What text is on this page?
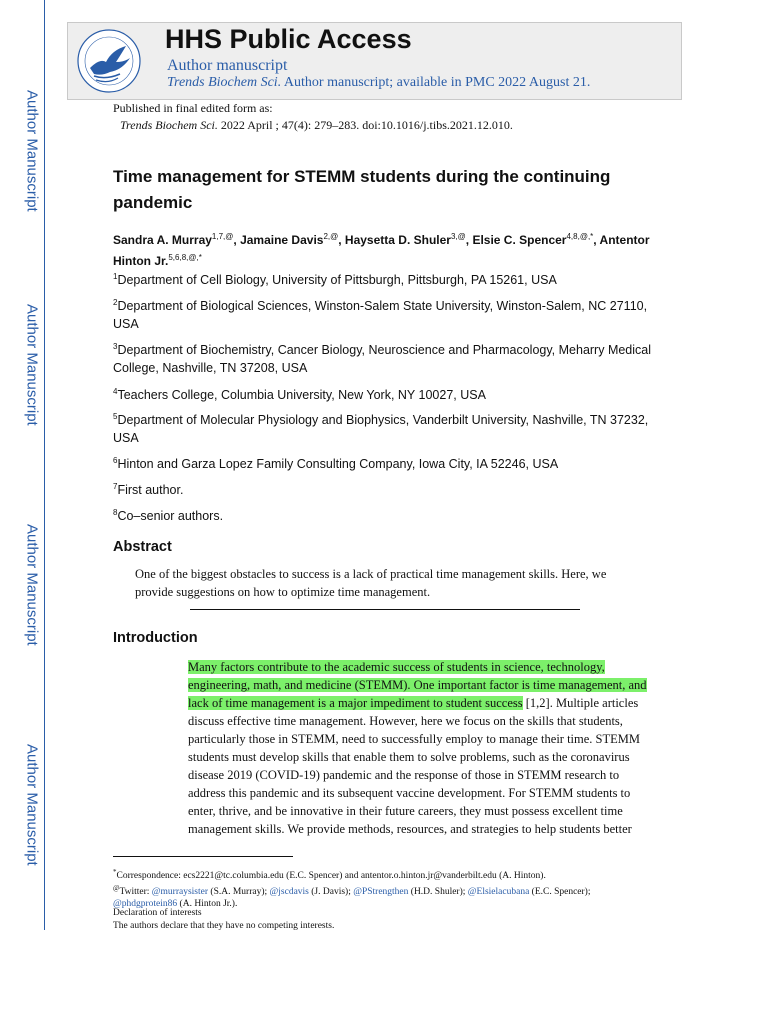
Author Manuscript
Author Manuscript
Author Manuscript
Author Manuscript
HHS Public Access
Author manuscript
Trends Biochem Sci. Author manuscript; available in PMC 2022 August 21.
Published in final edited form as:
Trends Biochem Sci. 2022 April ; 47(4): 279–283. doi:10.1016/j.tibs.2021.12.010.
Time management for STEMM students during the continuing pandemic
Sandra A. Murray$^{1,7,@}$, Jamaine Davis$^{2,@}$, Haysetta D. Shuler$^{3,@}$, Elsie C. Spencer$^{4,8,@,*}$, Antentor Hinton Jr.$^{5,6,8,@,*}$
$^1$Department of Cell Biology, University of Pittsburgh, Pittsburgh, PA 15261, USA
$^2$Department of Biological Sciences, Winston-Salem State University, Winston-Salem, NC 27110, USA
$^3$Department of Biochemistry, Cancer Biology, Neuroscience and Pharmacology, Meharry Medical College, Nashville, TN 37208, USA
$^4$Teachers College, Columbia University, New York, NY 10027, USA
$^5$Department of Molecular Physiology and Biophysics, Vanderbilt University, Nashville, TN 37232, USA
$^6$Hinton and Garza Lopez Family Consulting Company, Iowa City, IA 52246, USA
$^7$First author.
$^8$Co–senior authors.
Abstract
One of the biggest obstacles to success is a lack of practical time management skills. Here, we provide suggestions on how to optimize time management.
Introduction
Many factors contribute to the academic success of students in science, technology, engineering, math, and medicine (STEMM). One important factor is time management, and lack of time management is a major impediment to student success [1,2]. Multiple articles discuss effective time management. However, here we focus on the skills that students, particularly those in STEMM, need to successfully employ to manage their time. STEMM students must develop skills that enable them to solve problems, such as the coronavirus disease 2019 (COVID-19) pandemic and the response of those in STEMM research to address this pandemic and its subsequent vaccine development. For STEMM students to enter, thrive, and be innovative in their future careers, they must possess excellent time management skills. We provide methods, resources, and strategies to help students better
*Correspondence: ecs2221@tc.columbia.edu (E.C. Spencer) and antentor.o.hinton.jr@vanderbilt.edu (A. Hinton).
@Twitter: @murraysister (S.A. Murray); @jscdavis (J. Davis); @PStrengthen (H.D. Shuler); @Elsielacubana (E.C. Spencer);
@phdgprotein86 (A. Hinton Jr.).
Declaration of interests
The authors declare that they have no competing interests.
